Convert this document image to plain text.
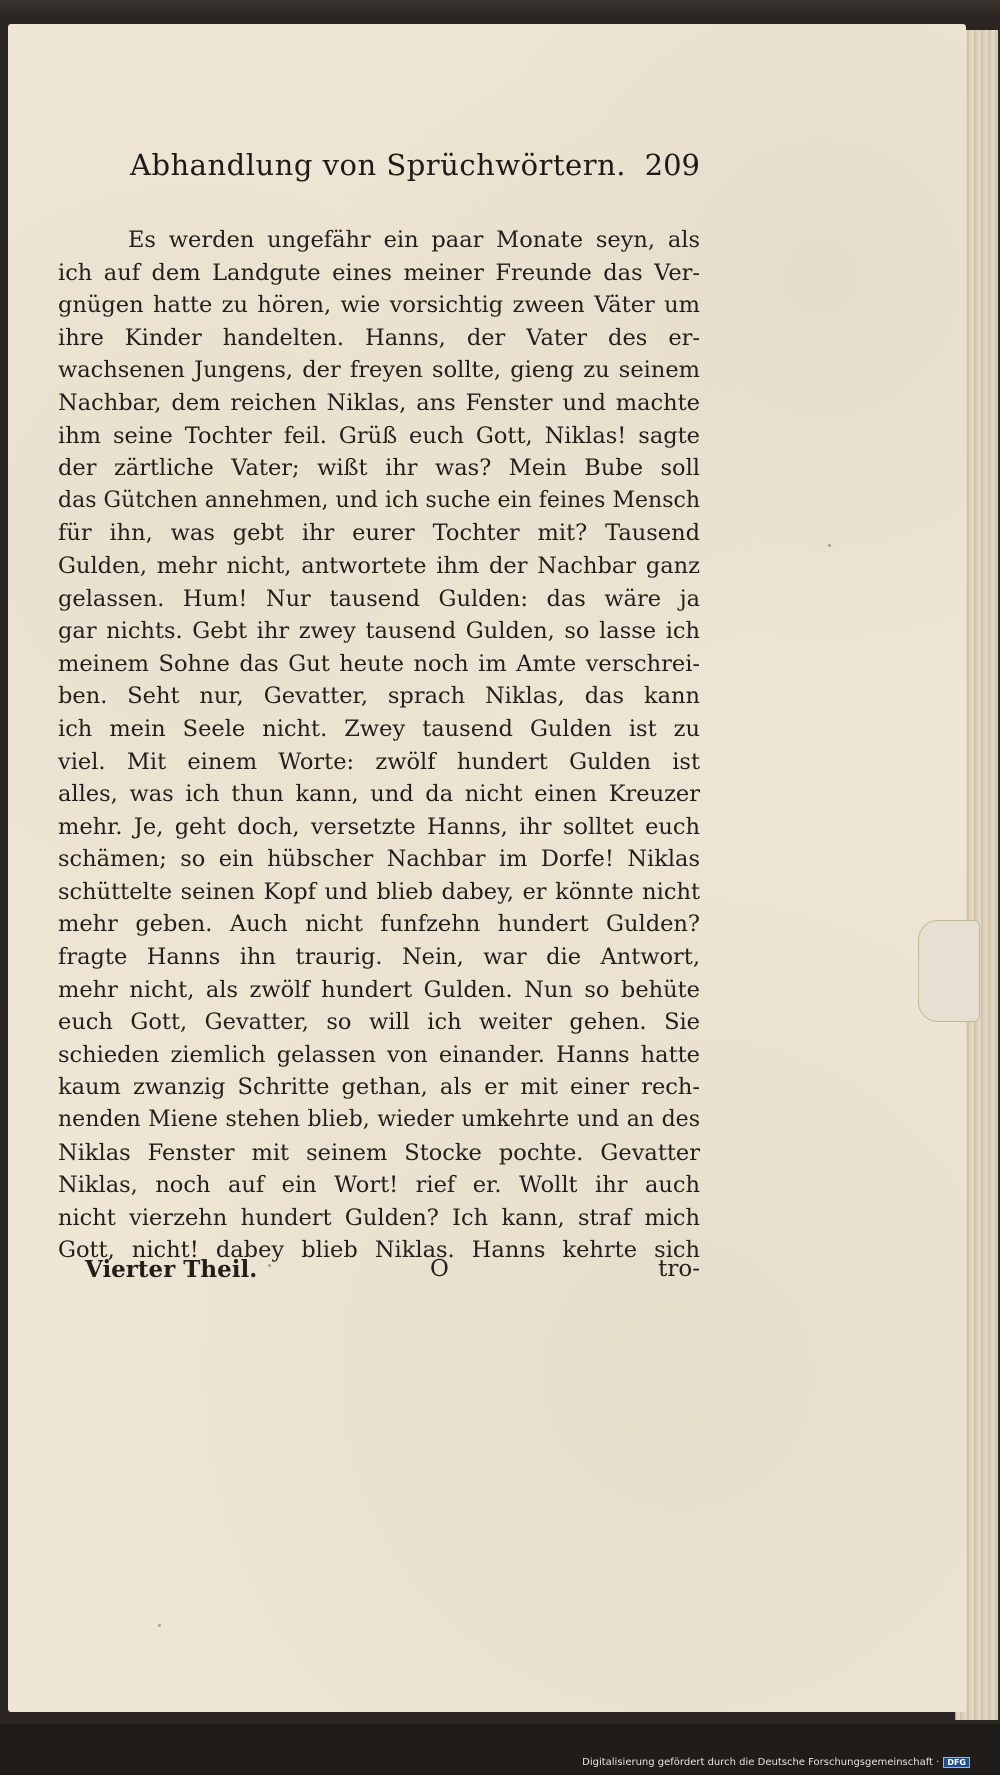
Abhandlung von Sprüchwörtern. 209
Es werden ungefähr ein paar Monate seyn, als
ich auf dem Landgute eines meiner Freunde das Ver-
gnügen hatte zu hören, wie vorsichtig zween Väter um
ihre Kinder handelten. Hanns, der Vater des er-
wachsenen Jungens, der freyen sollte, gieng zu seinem
Nachbar, dem reichen Niklas, ans Fenster und machte
ihm seine Tochter feil. Grüß euch Gott, Niklas! sagte
der zärtliche Vater; wißt ihr was? Mein Bube soll
das Gütchen annehmen, und ich suche ein feines Mensch
für ihn, was gebt ihr eurer Tochter mit? Tausend
Gulden, mehr nicht, antwortete ihm der Nachbar ganz
gelassen. Hum! Nur tausend Gulden: das wäre ja
gar nichts. Gebt ihr zwey tausend Gulden, so lasse ich
meinem Sohne das Gut heute noch im Amte verschrei-
ben. Seht nur, Gevatter, sprach Niklas, das kann
ich mein Seele nicht. Zwey tausend Gulden ist zu
viel. Mit einem Worte: zwölf hundert Gulden ist
alles, was ich thun kann, und da nicht einen Kreuzer
mehr. Je, geht doch, versetzte Hanns, ihr solltet euch
schämen; so ein hübscher Nachbar im Dorfe! Niklas
schüttelte seinen Kopf und blieb dabey, er könnte nicht
mehr geben. Auch nicht funfzehn hundert Gulden?
fragte Hanns ihn traurig. Nein, war die Antwort,
mehr nicht, als zwölf hundert Gulden. Nun so behüte
euch Gott, Gevatter, so will ich weiter gehen. Sie
schieden ziemlich gelassen von einander. Hanns hatte
kaum zwanzig Schritte gethan, als er mit einer rech-
nenden Miene stehen blieb, wieder umkehrte und an des
Niklas Fenster mit seinem Stocke pochte. Gevatter
Niklas, noch auf ein Wort! rief er. Wollt ihr auch
nicht vierzehn hundert Gulden? Ich kann, straf mich
Gott, nicht! dabey blieb Niklas. Hanns kehrte sich
Vierter Theil.	O	tro-
Digitalisierung gefördert durch die Deutsche Forschungsgemeinschaft ·	DFG
